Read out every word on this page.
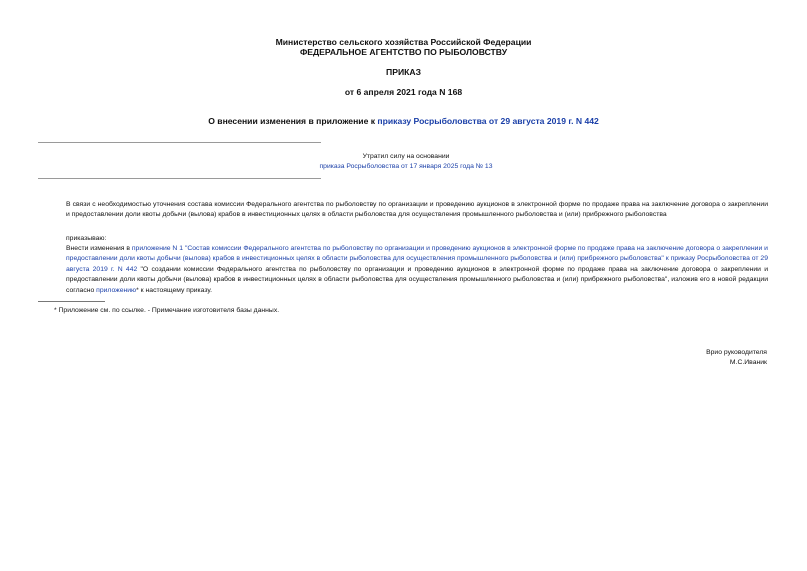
Министерство сельского хозяйства Российской Федерации
ФЕДЕРАЛЬНОЕ АГЕНТСТВО ПО РЫБОЛОВСТВУ
ПРИКАЗ
от 6 апреля 2021 года N 168
О внесении изменения в приложение к приказу Росрыболовства от 29 августа 2019 г. N 442
Утратил силу на основании
приказа Росрыболовства от 17 января 2025 года № 13
В связи с необходимостью уточнения состава комиссии Федерального агентства по рыболовству по организации и проведению аукционов в электронной форме по продаже права на заключение договора о закреплении и предоставлении доли квоты добычи (вылова) крабов в инвестиционных целях в области рыболовства для осуществления промышленного рыболовства и (или) прибрежного рыболовства
приказываю:
Внести изменения в приложение N 1 "Состав комиссии Федерального агентства по рыболовству по организации и проведению аукционов в электронной форме по продаже права на заключение договора о закреплении и предоставлении доли квоты добычи (вылова) крабов в инвестиционных целях в области рыболовства для осуществления промышленного рыболовства и (или) прибрежного рыболовства" к приказу Росрыболовства от 29 августа 2019 г. N 442 "О создании комиссии Федерального агентства по рыболовству по организации и проведению аукционов в электронной форме по продаже права на заключение договора о закреплении и предоставлении доли квоты добычи (вылова) крабов в инвестиционных целях в области рыболовства для осуществления промышленного рыболовства и (или) прибрежного рыболовства", изложив его в новой редакции согласно приложению* к настоящему приказу.
* Приложение см. по ссылке. - Примечание изготовителя базы данных.
Врио руководителя
М.С.Иваник
